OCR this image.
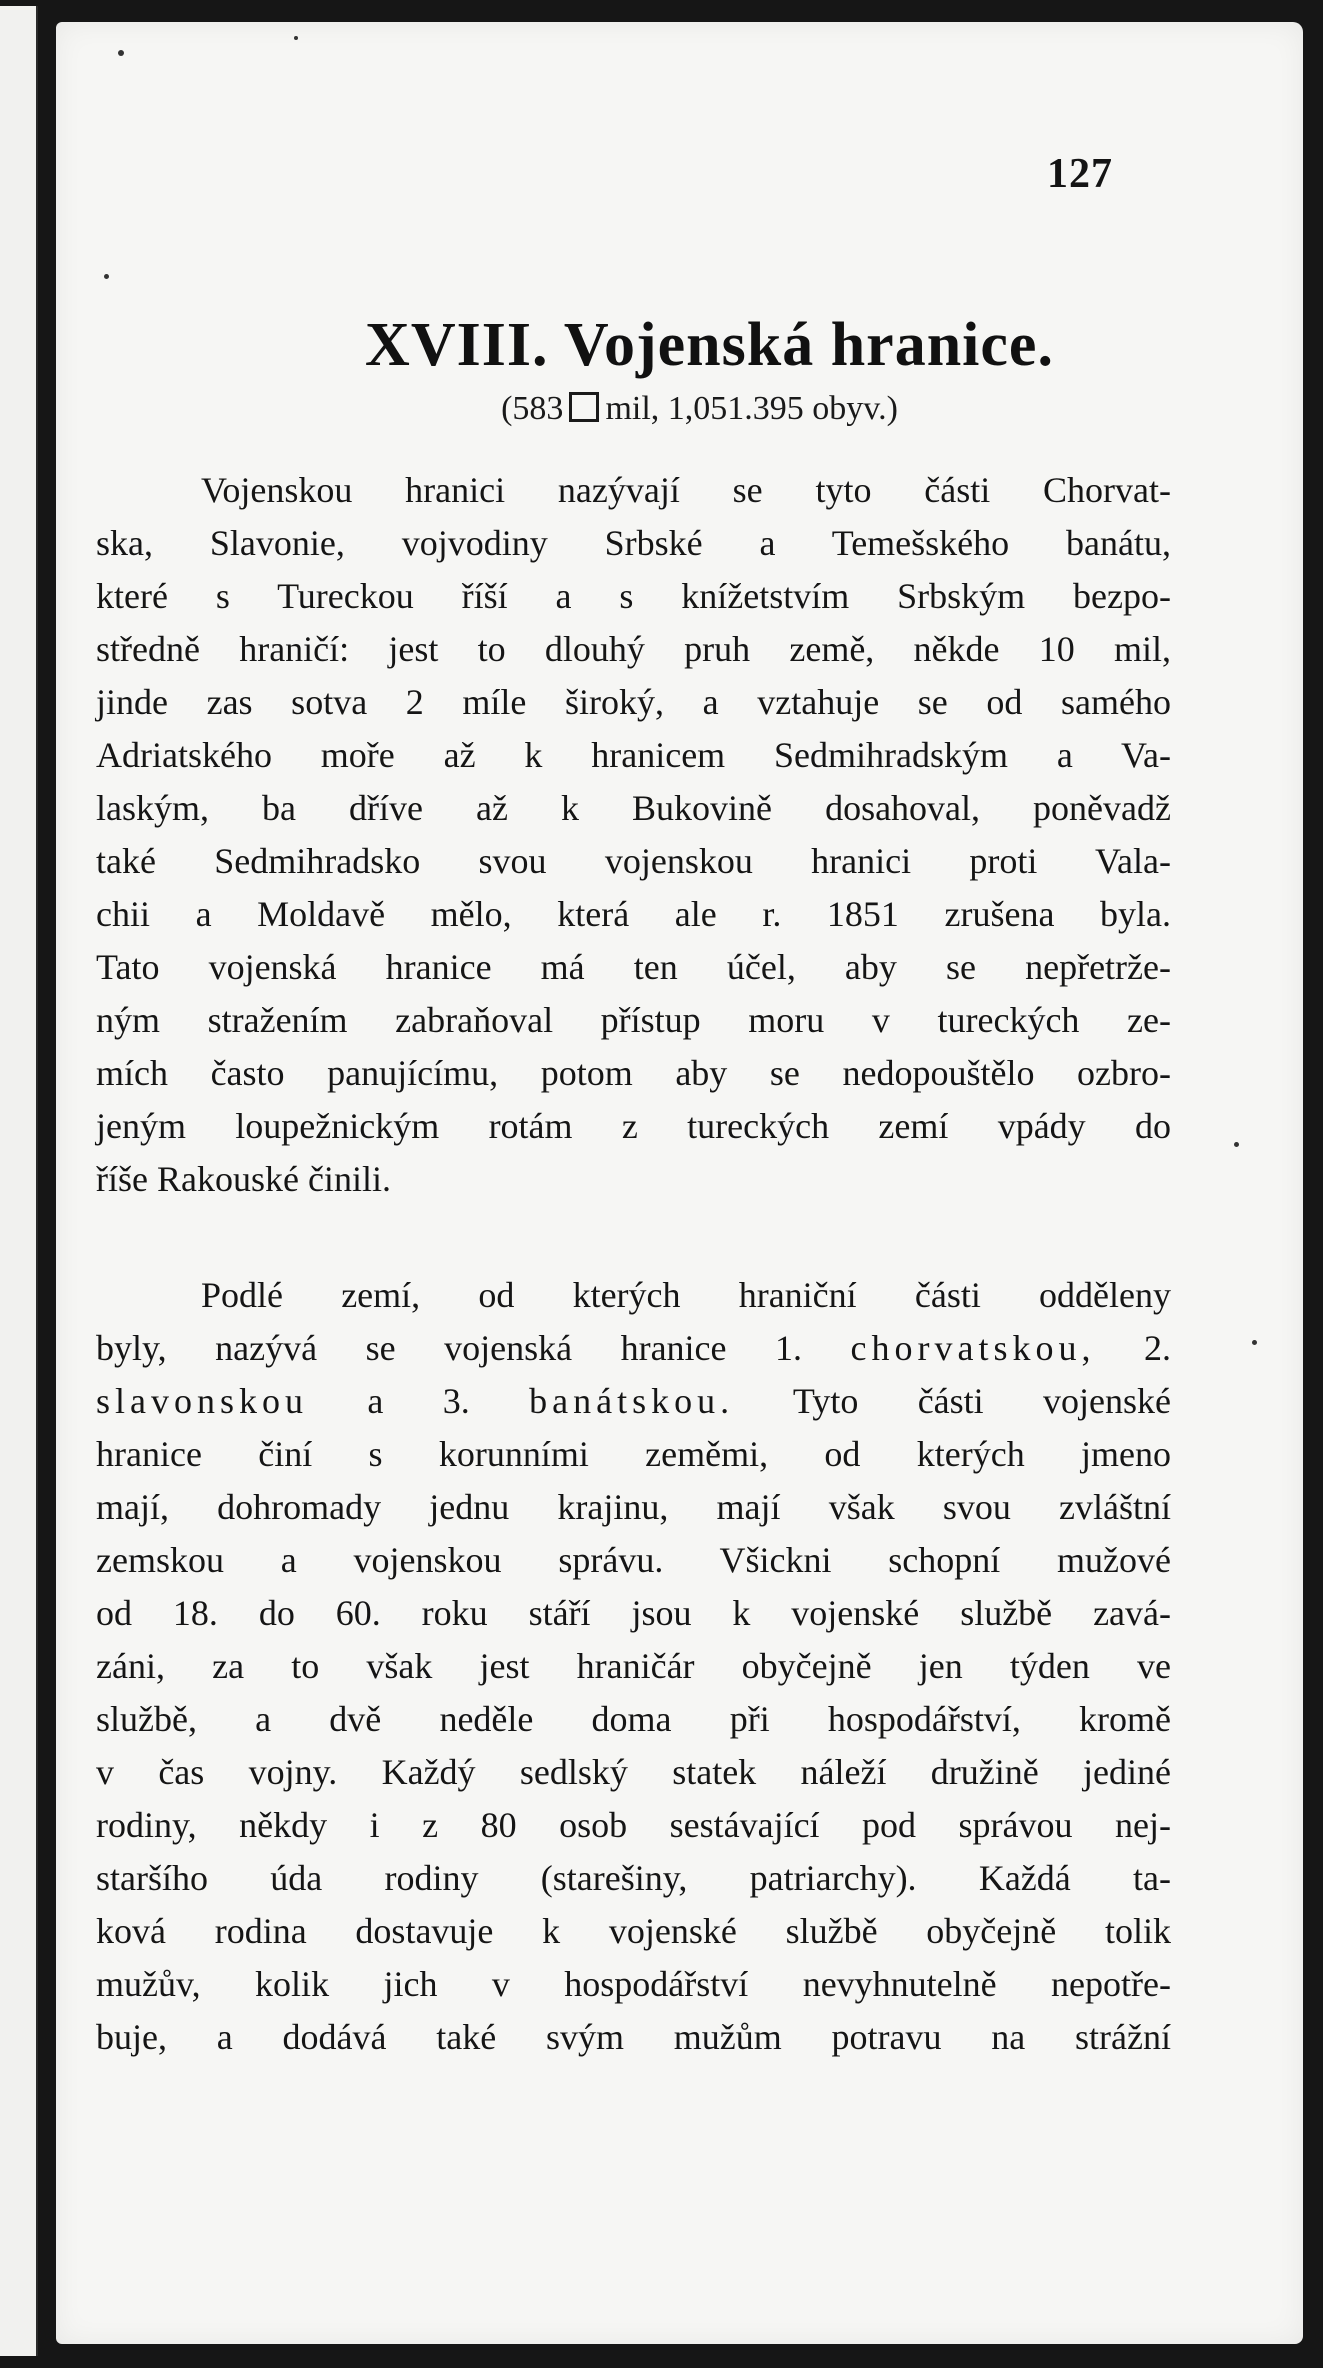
127
XVIII. Vojenská hranice.
(583 mil, 1,051.395 obyv.)
Vojenskou hranici nazývají se tyto části Chorvat-
ska, Slavonie, vojvodiny Srbské a Temešského banátu,
které s Tureckou říší a s knížetstvím Srbským bezpo-
středně hraničí: jest to dlouhý pruh země, někde 10 mil,
jinde zas sotva 2 míle široký, a vztahuje se od samého
Adriatského moře až k hranicem Sedmihradským a Va-
laským, ba dříve až k Bukovině dosahoval, poněvadž
také Sedmihradsko svou vojenskou hranici proti Vala-
chii a Moldavě mělo, která ale r. 1851 zrušena byla.
Tato vojenská hranice má ten účel, aby se nepřetrže-
ným stražením zabraňoval přístup moru v tureckých ze-
mích často panujícímu, potom aby se nedopouštělo ozbro-
jeným loupežnickým rotám z tureckých zemí vpády do
říše Rakouské činili.
Podlé zemí, od kterých hraniční části odděleny
byly, nazývá se vojenská hranice 1. chorvatskou, 2.
slavonskou a 3. banátskou. Tyto části vojenské
hranice činí s korunními zeměmi, od kterých jmeno
mají, dohromady jednu krajinu, mají však svou zvláštní
zemskou a vojenskou správu. Všickni schopní mužové
od 18. do 60. roku stáří jsou k vojenské službě zavá-
záni, za to však jest hraničár obyčejně jen týden ve
službě, a dvě neděle doma při hospodářství, kromě
v čas vojny. Každý sedlský statek náleží družině jediné
rodiny, někdy i z 80 osob sestávající pod správou nej-
staršího úda rodiny (starešiny, patriarchy). Každá ta-
ková rodina dostavuje k vojenské službě obyčejně tolik
mužův, kolik jich v hospodářství nevyhnutelně nepotře-
buje, a dodává také svým mužům potravu na strážní
